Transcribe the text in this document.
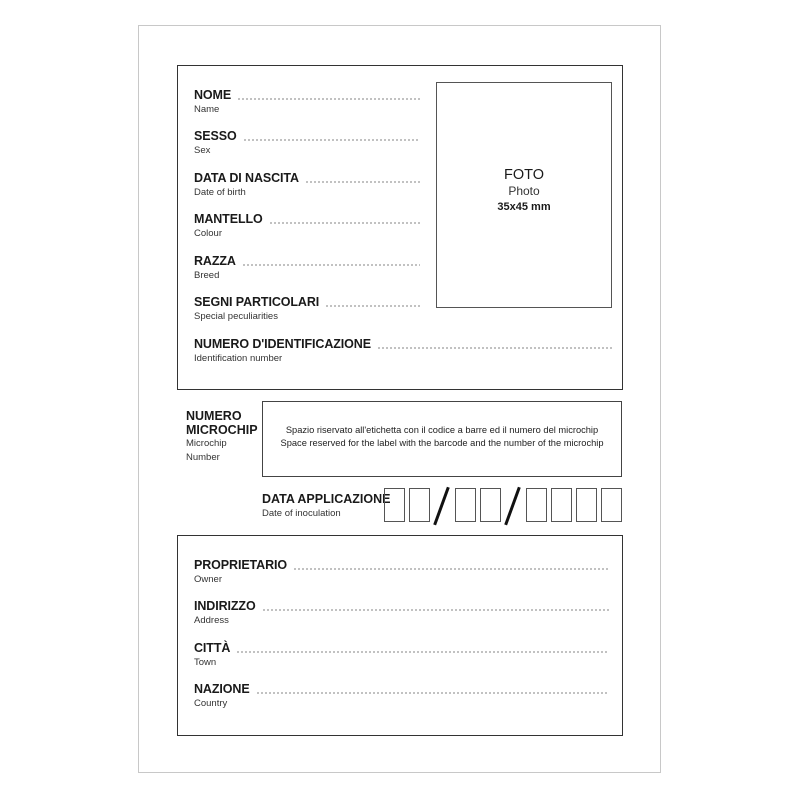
NOME
Name
SESSO
Sex
DATA DI NASCITA
Date of birth
MANTELLO
Colour
RAZZA
Breed
SEGNI PARTICOLARI
Special peculiarities
NUMERO D'IDENTIFICAZIONE
Identification number
FOTO
Photo
35x45 mm
NUMERO
MICROCHIP
Microchip
Number
Spazio riservato all'etichetta con il codice a barre ed il numero del microchip
Space reserved for the label with the barcode and the number of the microchip
DATA APPLICAZIONE
Date of inoculation
PROPRIETARIO
Owner
INDIRIZZO
Address
CITTÀ
Town
NAZIONE
Country
